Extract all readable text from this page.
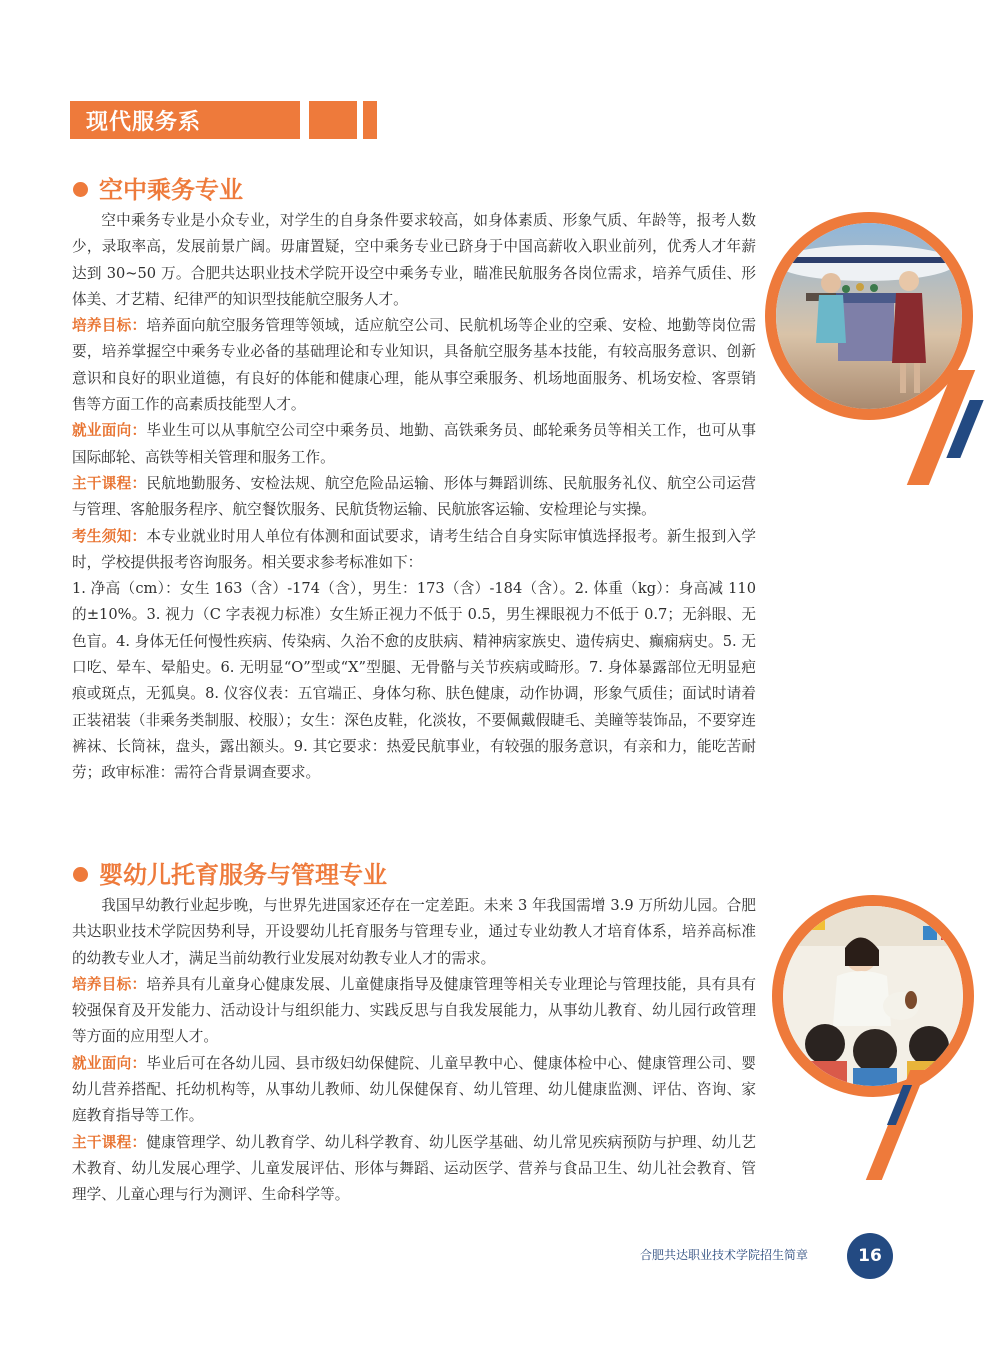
现代服务系
空中乘务专业

空中乘务专业是小众专业，对学生的自身条件要求较高，如身体素质、形象气质、年龄等，报考人数少，录取率高，发展前景广阔。毋庸置疑，空中乘务专业已跻身于中国高薪收入职业前列，优秀人才年薪达到 30~50 万。合肥共达职业技术学院开设空中乘务专业，瞄准民航服务各岗位需求，培养气质佳、形体美、才艺精、纪律严的知识型技能航空服务人才。

培养目标：培养面向航空服务管理等领域，适应航空公司、民航机场等企业的空乘、安检、地勤等岗位需要，培养掌握空中乘务专业必备的基础理论和专业知识，具备航空服务基本技能，有较高服务意识、创新意识和良好的职业道德，有良好的体能和健康心理，能从事空乘服务、机场地面服务、机场安检、客票销售等方面工作的高素质技能型人才。

就业面向：毕业生可以从事航空公司空中乘务员、地勤、高铁乘务员、邮轮乘务员等相关工作，也可从事国际邮轮、高铁等相关管理和服务工作。

主干课程：民航地勤服务、安检法规、航空危险品运输、形体与舞蹈训练、民航服务礼仪、航空公司运营与管理、客舱服务程序、航空餐饮服务、民航货物运输、民航旅客运输、安检理论与实操。

考生须知：本专业就业时用人单位有体测和面试要求，请考生结合自身实际审慎选择报考。新生报到入学时，学校提供报考咨询服务。相关要求参考标准如下：

1. 净高（cm）：女生 163（含）-174（含），男生：173（含）-184（含）。2. 体重（kg）：身高减 110 的±10%。3. 视力（C 字表视力标准）女生矫正视力不低于 0.5，男生裸眼视力不低于 0.7；无斜眼、无色盲。4. 身体无任何慢性疾病、传染病、久治不愈的皮肤病、精神病家族史、遗传病史、癫痫病史。5. 无口吃、晕车、晕船史。6. 无明显“O”型或“X”型腿、无骨骼与关节疾病或畸形。7. 身体暴露部位无明显疤痕或斑点，无狐臭。8. 仪容仪表：五官端正、身体匀称、肤色健康，动作协调，形象气质佳；面试时请着正装裙装（非乘务类制服、校服）；女生：深色皮鞋，化淡妆，不要佩戴假睫毛、美瞳等装饰品，不要穿连裤袜、长筒袜，盘头，露出额头。9. 其它要求：热爱民航事业，有较强的服务意识，有亲和力，能吃苦耐劳；政审标准：需符合背景调查要求。

婴幼儿托育服务与管理专业

我国早幼教行业起步晚，与世界先进国家还存在一定差距。未来 3 年我国需增 3.9 万所幼儿园。合肥共达职业技术学院因势利导，开设婴幼儿托育服务与管理专业，通过专业幼教人才培育体系，培养高标准的幼教专业人才，满足当前幼教行业发展对幼教专业人才的需求。

培养目标：培养具有儿童身心健康发展、儿童健康指导及健康管理等相关专业理论与管理技能，具有具有较强保育及开发能力、活动设计与组织能力、实践反思与自我发展能力，从事幼儿教育、幼儿园行政管理等方面的应用型人才。

就业面向：毕业后可在各幼儿园、县市级妇幼保健院、儿童早教中心、健康体检中心、健康管理公司、婴幼儿营养搭配、托幼机构等，从事幼儿教师、幼儿保健保育、幼儿管理、幼儿健康监测、评估、咨询、家庭教育指导等工作。

主干课程：健康管理学、幼儿教育学、幼儿科学教育、幼儿医学基础、幼儿常见疾病预防与护理、幼儿艺术教育、幼儿发展心理学、儿童发展评估、形体与舞蹈、运动医学、营养与食品卫生、幼儿社会教育、管理学、儿童心理与行为测评、生命科学等。

合肥共达职业技术学院招生简章	16
